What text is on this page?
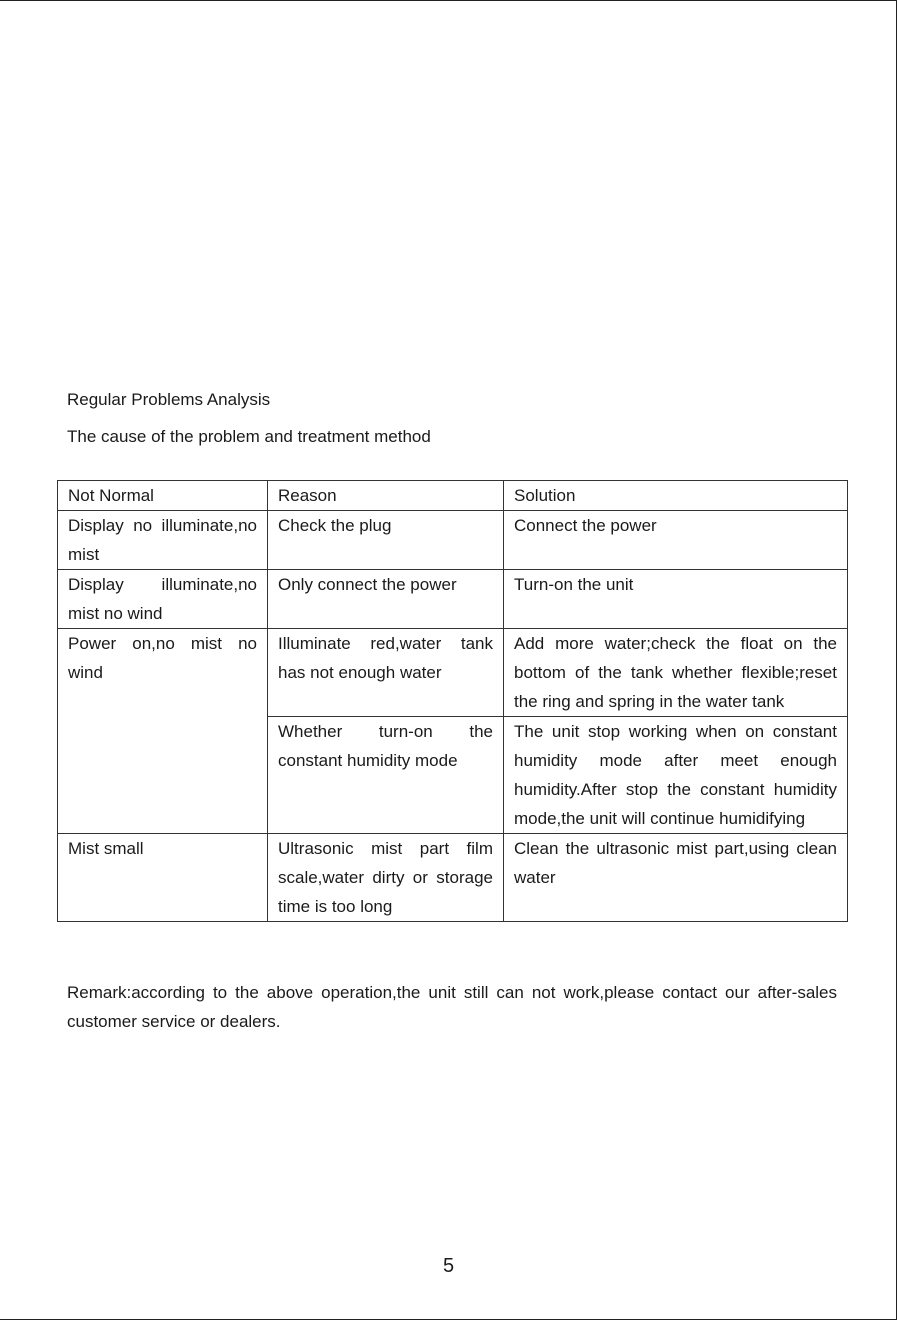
Regular Problems Analysis

The cause of the problem and treatment method

Not Normal	Reason	Solution
Display no illuminate,no mist	Check the plug	Connect the power
Display illuminate,no mist no wind	Only connect the power	Turn-on the unit
Power on,no mist no wind	Illuminate red,water tank has not enough water	Add more water;check the float on the bottom of the tank whether flexible;reset the ring and spring in the water tank
	Whether turn-on the constant humidity mode	The unit stop working when on constant humidity mode after meet enough humidity.After stop the constant humidity mode,the unit will continue humidifying
Mist small	Ultrasonic mist part film scale,water dirty or storage time is too long	Clean the ultrasonic mist part,using clean water

Remark:according to the above operation,the unit still can not work,please contact our after-sales customer service or dealers.

5
